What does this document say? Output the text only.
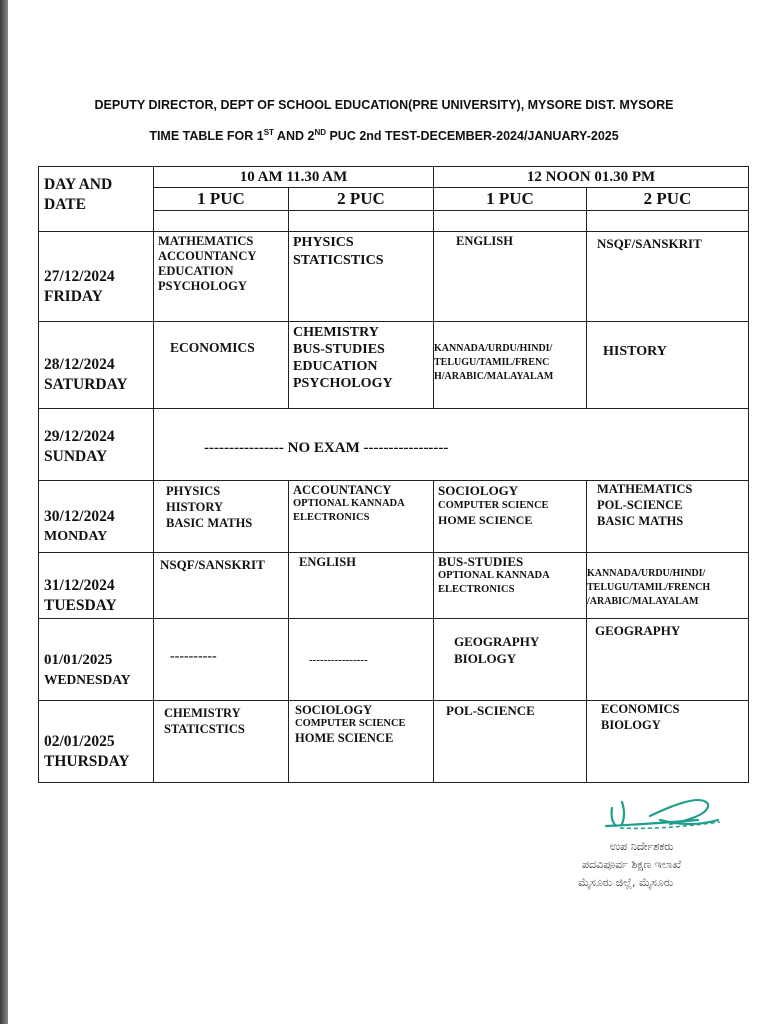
DEPUTY DIRECTOR, DEPT OF SCHOOL EDUCATION(PRE UNIVERSITY), MYSORE DIST. MYSORE
TIME TABLE FOR 1ST AND 2ND PUC 2nd TEST-DECEMBER-2024/JANUARY-2025
DAY AND
DATE	10 AM 11.30 AM		12 NOON 01.30 PM	
	1 PUC	2 PUC	1 PUC	2 PUC

27/12/2024
FRIDAY	MATHEMATICS
ACCOUNTANCY
EDUCATION
PSYCHOLOGY	PHYSICS
STATICSTICS	ENGLISH	NSQF/SANSKRIT

28/12/2024
SATURDAY	ECONOMICS	CHEMISTRY
BUS-STUDIES
EDUCATION
PSYCHOLOGY	KANNADA/URDU/HINDI/
TELUGU/TAMIL/FRENC
H/ARABIC/MALAYALAM	HISTORY

29/12/2024
SUNDAY	---------------- NO EXAM -----------------			

30/12/2024
MONDAY	PHYSICS
HISTORY
BASIC MATHS	ACCOUNTANCY
OPTIONAL KANNADA
ELECTRONICS	SOCIOLOGY
COMPUTER SCIENCE
HOME SCIENCE	MATHEMATICS
POL-SCIENCE
BASIC MATHS

31/12/2024
TUESDAY	NSQF/SANSKRIT	ENGLISH	BUS-STUDIES
OPTIONAL KANNADA
ELECTRONICS	KANNADA/URDU/HINDI/
TELUGU/TAMIL/FRENCH
/ARABIC/MALAYALAM

01/01/2025
WEDNESDAY	----------	----------------	GEOGRAPHY
BIOLOGY	GEOGRAPHY

02/01/2025
THURSDAY	CHEMISTRY
STATICSTICS	SOCIOLOGY
COMPUTER SCIENCE
HOME SCIENCE	POL-SCIENCE	ECONOMICS
BIOLOGY
ಉಪ ನಿರ್ದೇಶಕರು
ಪದವಿಪೂರ್ವ ಶಿಕ್ಷಣ ಇಲಾಖೆ
ಮೈಸೂರು ಜಿಲ್ಲೆ, ಮೈಸೂರು
